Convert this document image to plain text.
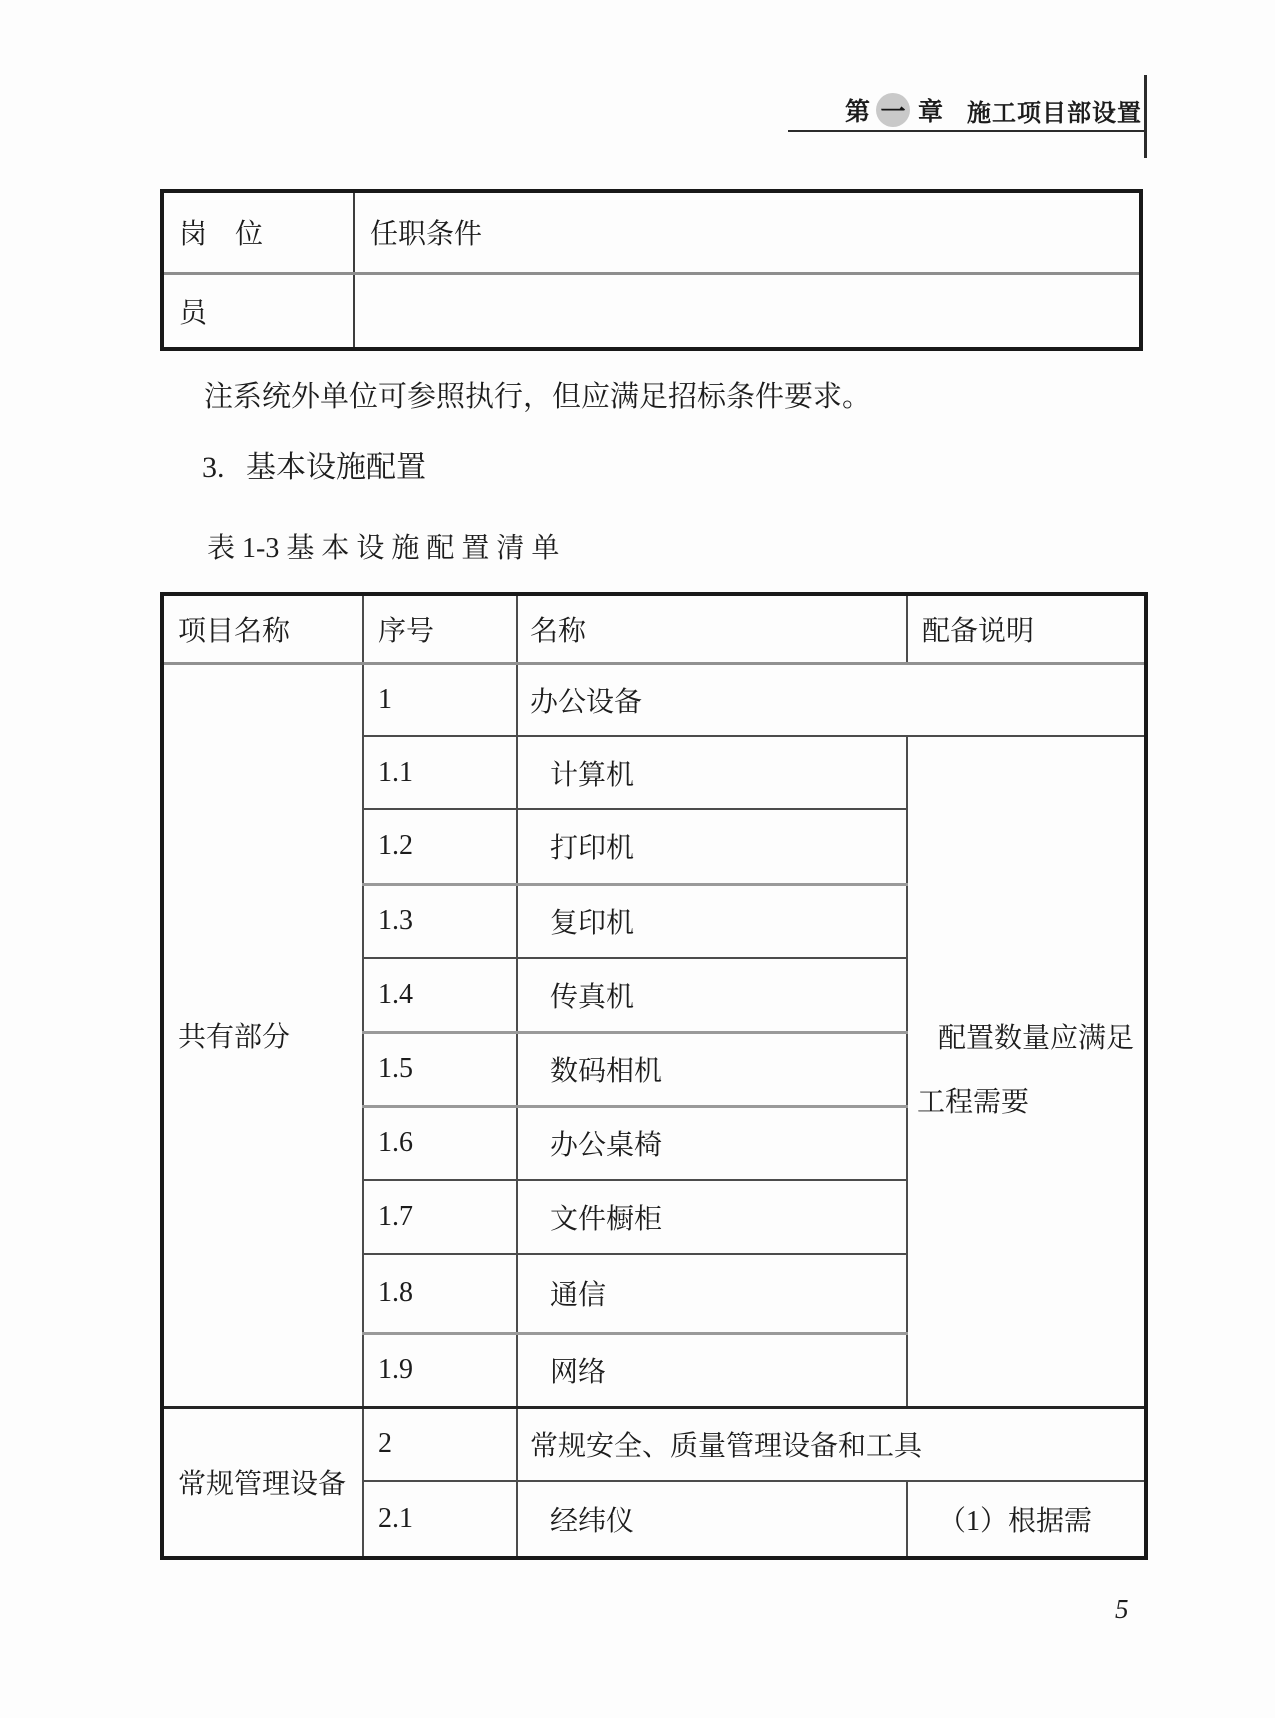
第 一 章 施工项目部设置
岗　位	任职条件
员	

注系统外单位可参照执行，但应满足招标条件要求。

3. 基本设施配置
表 1-3 基 本 设 施 配 置 清 单
项目名称	序号	名称	配备说明
共有部分	1	办公设备	
	1.1	计算机	配置数量应满足
工程需要

	1.2	打印机	
	1.3	复印机	
	1.4	传真机	
	1.5	数码相机	
	1.6	办公桌椅	
	1.7	文件橱柜	
	1.8	通信	
	1.9	网络	
常规管理设备	2	常规安全、质量管理设备和工具	
	2.1	经纬仪	（1）根据需
5
